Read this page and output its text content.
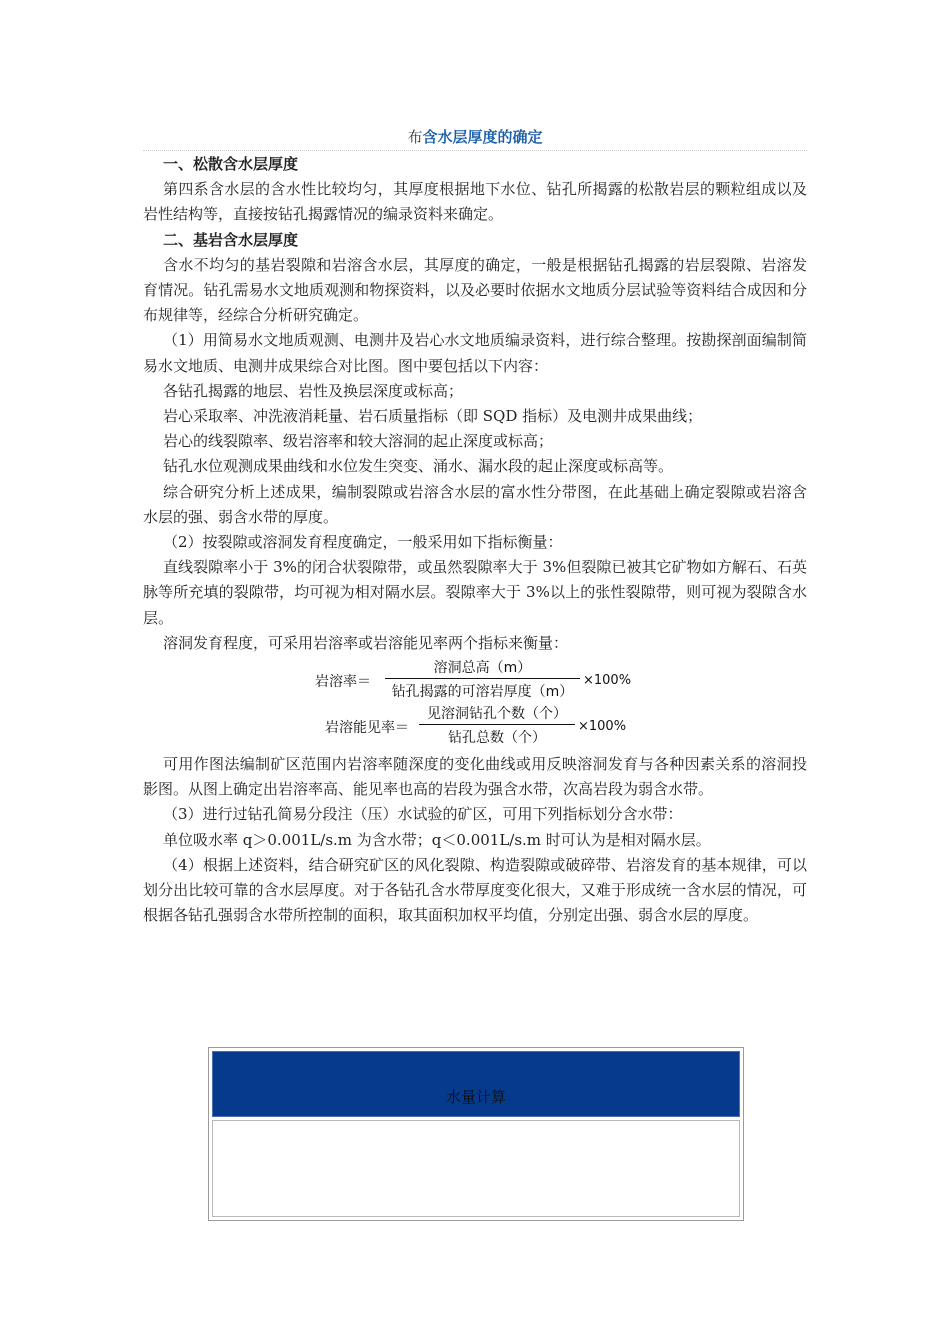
布含水层厚度的确定

一、松散含水层厚度

第四系含水层的含水性比较均匀，其厚度根据地下水位、钻孔所揭露的松散岩层的颗粒组成以及岩性结构等，直接按钻孔揭露情况的编录资料来确定。

二、基岩含水层厚度

含水不均匀的基岩裂隙和岩溶含水层，其厚度的确定，一般是根据钻孔揭露的岩层裂隙、岩溶发育情况。钻孔需易水文地质观测和物探资料，以及必要时依据水文地质分层试验等资料结合成因和分布规律等，经综合分析研究确定。

（1）用简易水文地质观测、电测井及岩心水文地质编录资料，进行综合整理。按勘探剖面编制简易水文地质、电测井成果综合对比图。图中要包括以下内容：

各钻孔揭露的地层、岩性及换层深度或标高；

岩心采取率、冲洗液消耗量、岩石质量指标（即 SQD 指标）及电测井成果曲线；

岩心的线裂隙率、级岩溶率和较大溶洞的起止深度或标高；

钻孔水位观测成果曲线和水位发生突变、涌水、漏水段的起止深度或标高等。

综合研究分析上述成果，编制裂隙或岩溶含水层的富水性分带图，在此基础上确定裂隙或岩溶含水层的强、弱含水带的厚度。

（2）按裂隙或溶洞发育程度确定，一般采用如下指标衡量：

直线裂隙率小于 3%的闭合状裂隙带，或虽然裂隙率大于 3%但裂隙已被其它矿物如方解石、石英脉等所充填的裂隙带，均可视为相对隔水层。裂隙率大于 3%以上的张性裂隙带，则可视为裂隙含水层。

溶洞发育程度，可采用岩溶率或岩溶能见率两个指标来衡量：

岩溶率＝
溶洞总高（m）
钻孔揭露的可溶岩厚度（m）
×100%
岩溶能见率＝
见溶洞钻孔个数（个）
钻孔总数（个）
×100%

可用作图法编制矿区范围内岩溶率随深度的变化曲线或用反映溶洞发育与各种因素关系的溶洞投影图。从图上确定出岩溶率高、能见率也高的岩段为强含水带，次高岩段为弱含水带。

（3）进行过钻孔简易分段注（压）水试验的矿区，可用下列指标划分含水带：

单位吸水率 q＞0.001L/s.m 为含水带；q＜0.001L/s.m 时可认为是相对隔水层。

（4）根据上述资料，结合研究矿区的风化裂隙、构造裂隙或破碎带、岩溶发育的基本规律，可以划分出比较可靠的含水层厚度。对于各钻孔含水带厚度变化很大，又难于形成统一含水层的情况，可根据各钻孔强弱含水带所控制的面积，取其面积加权平均值，分别定出强、弱含水层的厚度。

水量计算
